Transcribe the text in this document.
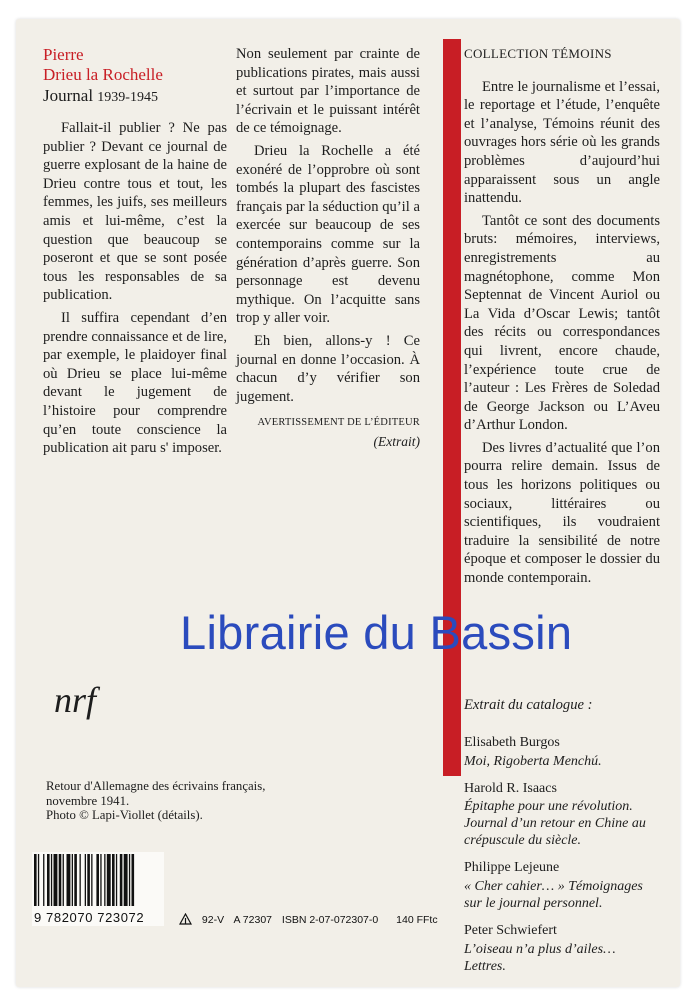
Pierre
Drieu la Rochelle
Journal 1939-1945

Fallait-il publier ? Ne pas publier ? Devant ce journal de guerre explosant de la haine de Drieu contre tous et tout, les femmes, les juifs, ses meilleurs amis et lui-même, c’est la question que beaucoup se poseront et que se sont posée tous les responsables de sa publication.

Il suffira cependant d’en prendre connaissance et de lire, par exemple, le plaidoyer final où Drieu se place lui-même devant le jugement de l’histoire pour comprendre qu’en toute conscience la publication ait paru s' imposer.

Non seulement par crainte de publications pirates, mais aussi et surtout par l’importance de l’écrivain et le puissant intérêt de ce témoignage.

Drieu la Rochelle a été exonéré de l’opprobre où sont tombés la plupart des fascistes français par la séduction qu’il a exercée sur beaucoup de ses contemporains comme sur la génération d’après guerre. Son personnage est devenu mythique. On l’acquitte sans trop y aller voir.

Eh bien, allons-y ! Ce journal en donne l’occasion. À chacun d’y vérifier son jugement.

AVERTISSEMENT DE L’ÉDITEUR
(Extrait)
COLLECTION TÉMOINS

Entre le journalisme et l’essai, le reportage et l’étude, l’enquête et l’analyse, Témoins réunit des ouvrages hors série où les grands problèmes d’aujourd’hui apparaissent sous un angle inattendu.

Tantôt ce sont des documents bruts: mémoires, interviews, enregistrements au magnétophone, comme Mon Septennat de Vincent Auriol ou La Vida d’Oscar Lewis; tantôt des récits ou correspondances qui livrent, encore chaude, l’expérience toute crue de l’auteur : Les Frères de Soledad de George Jackson ou L’Aveu d’Arthur London.

Des livres d’actualité que l’on pourra relire demain. Issus de tous les horizons politiques ou sociaux, littéraires ou scientifiques, ils voudraient traduire la sensibilité de notre époque et composer le dossier du monde contemporain.

Extrait du catalogue :
Elisabeth Burgos
Moi, Rigoberta Menchú.
Harold R. Isaacs
Épitaphe pour une révolution. Journal d’un retour en Chine au crépuscule du siècle.
Philippe Lejeune
« Cher cahier… » Témoignages sur le journal personnel.
Peter Schwiefert
L’oiseau n’a plus d’ailes… Lettres.
Librairie du Bassin
nrf
Retour d'Allemagne des écrivains français,
novembre 1941.
Photo © Lapi-Viollet (détails).
9 782070 723072	92-V A 72307 ISBN 2-07-072307-0 140 FFtc
